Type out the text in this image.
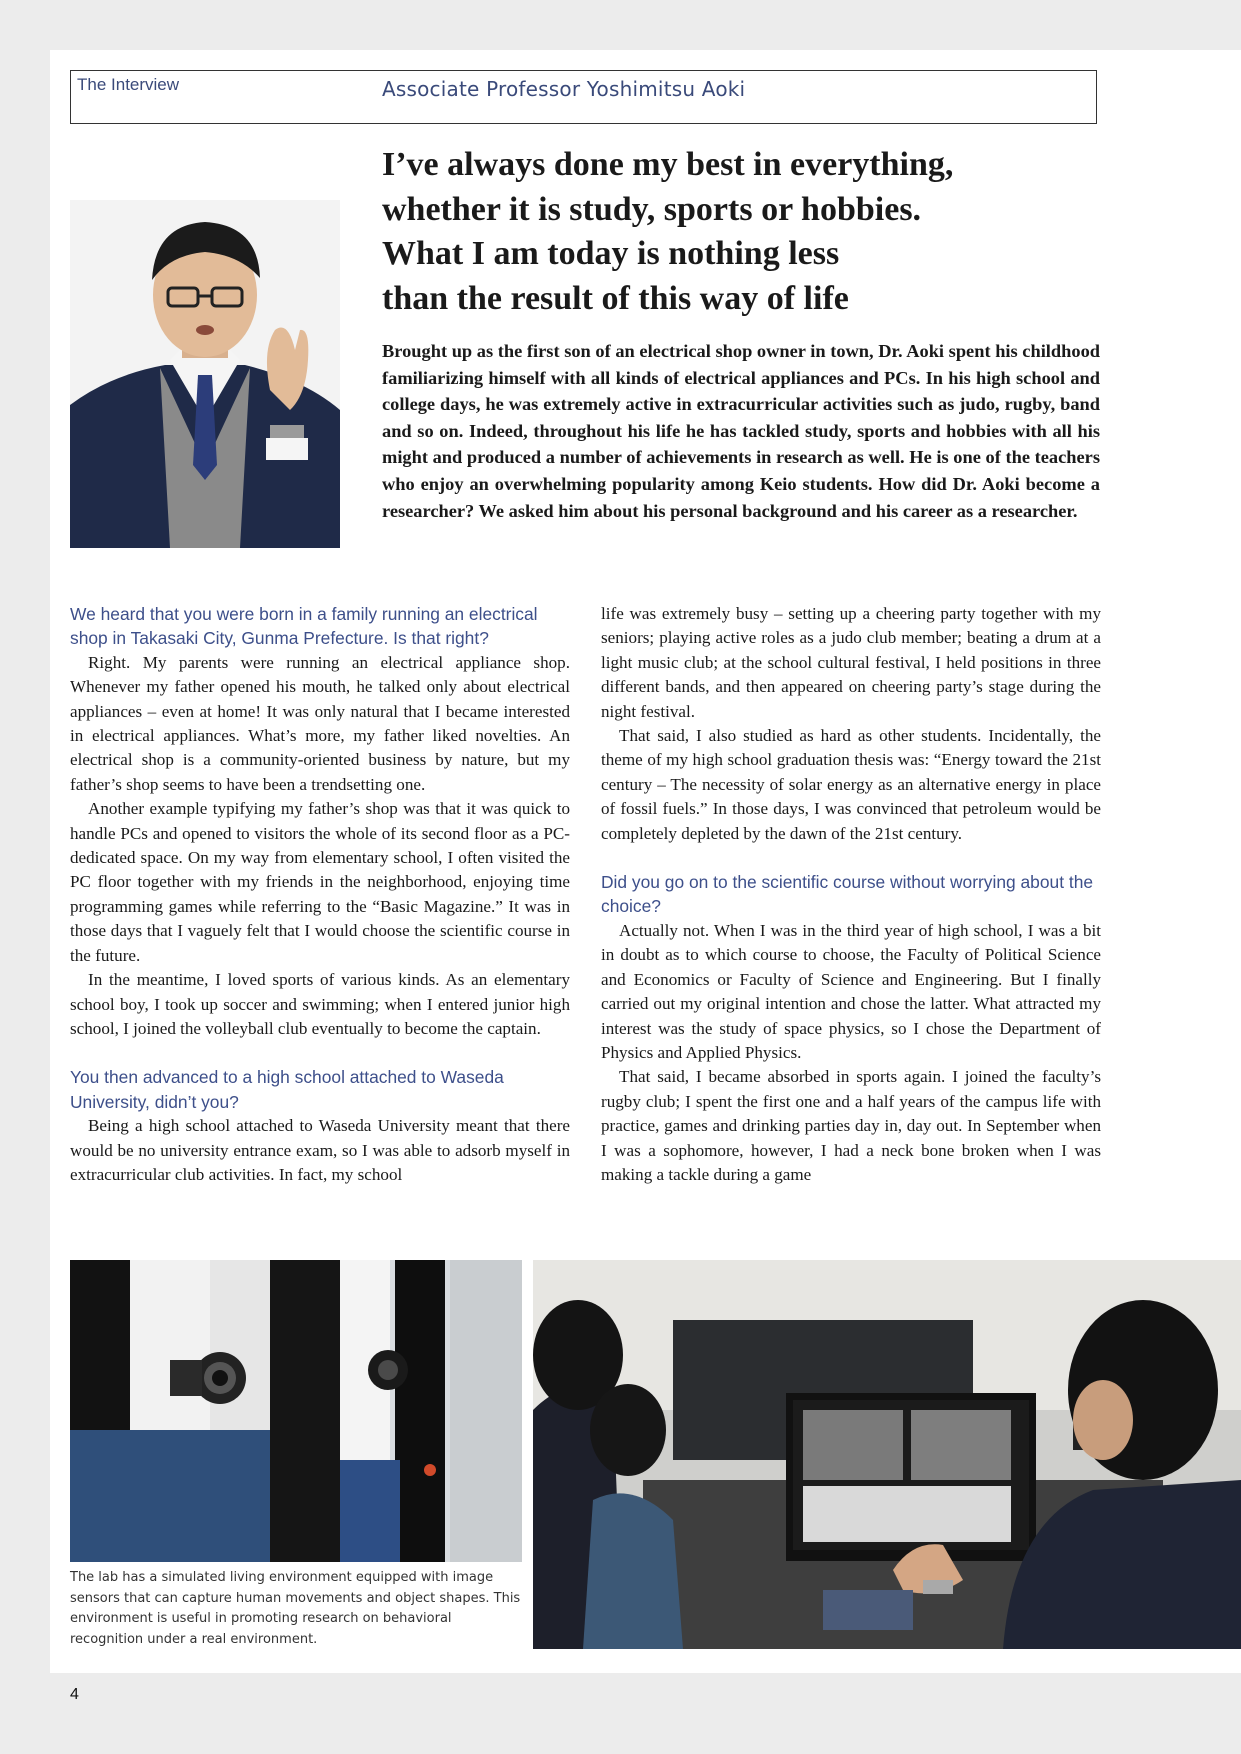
The Interview	Associate Professor Yoshimitsu Aoki
I’ve always done my best in everything,
whether it is study, sports or hobbies.
What I am today is nothing less
than the result of this way of life

Brought up as the first son of an electrical shop owner in town, Dr. Aoki spent his childhood familiarizing himself with all kinds of electrical appliances and PCs. In his high school and college days, he was extremely active in extracurricular activities such as judo, rugby, band and so on. Indeed, throughout his life he has tackled study, sports and hobbies with all his might and produced a number of achievements in research as well. He is one of the teachers who enjoy an overwhelming popularity among Keio students. How did Dr. Aoki become a researcher? We asked him about his personal background and his career as a researcher.

We heard that you were born in a family running an electrical shop in Takasaki City, Gunma Prefecture. Is that right?

Right. My parents were running an electrical appliance shop. Whenever my father opened his mouth, he talked only about electrical appliances – even at home! It was only natural that I became interested in electrical appliances. What’s more, my father liked novelties. An electrical shop is a community-oriented business by nature, but my father’s shop seems to have been a trendsetting one.

Another example typifying my father’s shop was that it was quick to handle PCs and opened to visitors the whole of its second floor as a PC-dedicated space. On my way from elementary school, I often visited the PC floor together with my friends in the neighborhood, enjoying time programming games while referring to the “Basic Magazine.” It was in those days that I vaguely felt that I would choose the scientific course in the future.

In the meantime, I loved sports of various kinds. As an elementary school boy, I took up soccer and swimming; when I entered junior high school, I joined the volleyball club eventually to become the captain.

You then advanced to a high school attached to Waseda University, didn’t you?

Being a high school attached to Waseda University meant that there would be no university entrance exam, so I was able to adsorb myself in extracurricular club activities. In fact, my school

life was extremely busy – setting up a cheering party together with my seniors; playing active roles as a judo club member; beating a drum at a light music club; at the school cultural festival, I held positions in three different bands, and then appeared on cheering party’s stage during the night festival.

That said, I also studied as hard as other students. Incidentally, the theme of my high school graduation thesis was: “Energy toward the 21st century – The necessity of solar energy as an alternative energy in place of fossil fuels.” In those days, I was convinced that petroleum would be completely depleted by the dawn of the 21st century.

Did you go on to the scientific course without worrying about the choice?

Actually not. When I was in the third year of high school, I was a bit in doubt as to which course to choose, the Faculty of Political Science and Economics or Faculty of Science and Engineering. But I finally carried out my original intention and chose the latter. What attracted my interest was the study of space physics, so I chose the Department of Physics and Applied Physics.

That said, I became absorbed in sports again. I joined the faculty’s rugby club; I spent the first one and a half years of the campus life with practice, games and drinking parties day in, day out. In September when I was a sophomore, however, I had a neck bone broken when I was making a tackle during a game

The lab has a simulated living environment equipped with image sensors that can capture human movements and object shapes. This environment is useful in promoting research on behavioral recognition under a real environment.

4
